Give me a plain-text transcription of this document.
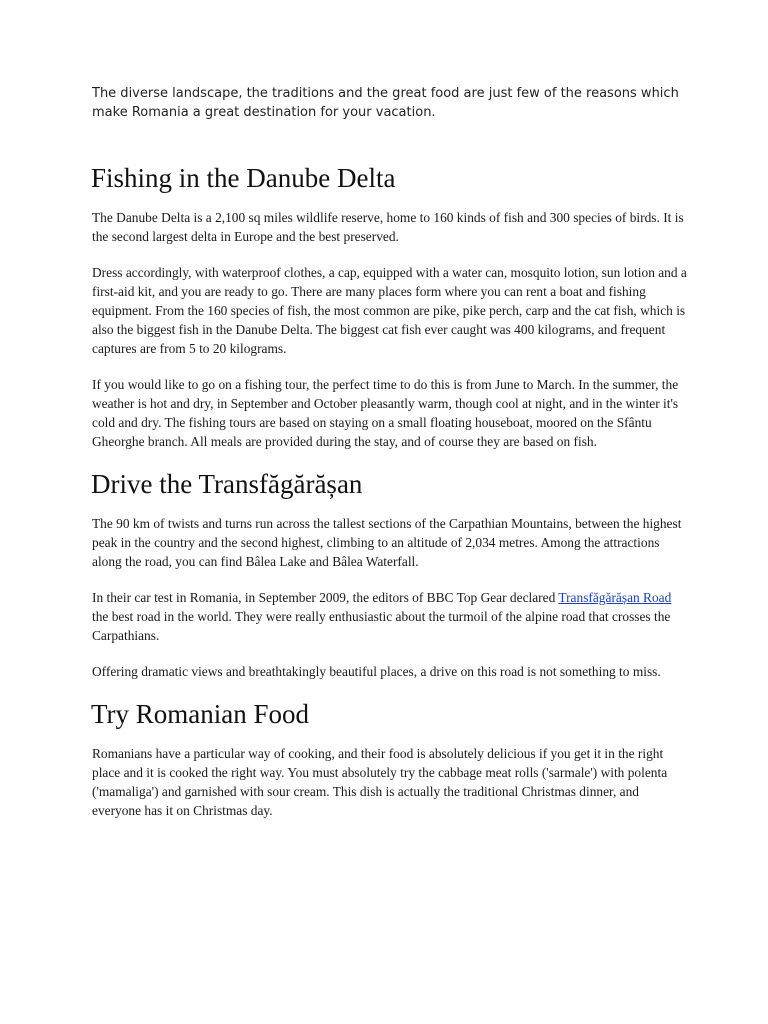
The diverse landscape, the traditions and the great food are just few of the reasons which make Romania a great destination for your vacation.

Fishing in the Danube Delta

The Danube Delta is a 2,100 sq miles wildlife reserve, home to 160 kinds of fish and 300 species of birds. It is the second largest delta in Europe and the best preserved.

Dress accordingly, with waterproof clothes, a cap, equipped with a water can, mosquito lotion, sun lotion and a first-aid kit, and you are ready to go. There are many places form where you can rent a boat and fishing equipment. From the 160 species of fish, the most common are pike, pike perch, carp and the cat fish, which is also the biggest fish in the Danube Delta. The biggest cat fish ever caught was 400 kilograms, and frequent captures are from 5 to 20 kilograms.

If you would like to go on a fishing tour, the perfect time to do this is from June to March. In the summer, the weather is hot and dry, in September and October pleasantly warm, though cool at night, and in the winter it's cold and dry. The fishing tours are based on staying on a small floating houseboat, moored on the Sfântu Gheorghe branch. All meals are provided during the stay, and of course they are based on fish.

Drive the Transfăgărășan

The 90 km of twists and turns run across the tallest sections of the Carpathian Mountains, between the highest peak in the country and the second highest, climbing to an altitude of 2,034 metres. Among the attractions along the road, you can find Bâlea Lake and Bâlea Waterfall.

In their car test in Romania, in September 2009, the editors of BBC Top Gear declared Transfăgărășan Road the best road in the world. They were really enthusiastic about the turmoil of the alpine road that crosses the Carpathians.

Offering dramatic views and breathtakingly beautiful places, a drive on this road is not something to miss.

Try Romanian Food

Romanians have a particular way of cooking, and their food is absolutely delicious if you get it in the right place and it is cooked the right way. You must absolutely try the cabbage meat rolls ('sarmale') with polenta ('mamaliga') and garnished with sour cream. This dish is actually the traditional Christmas dinner, and everyone has it on Christmas day.
